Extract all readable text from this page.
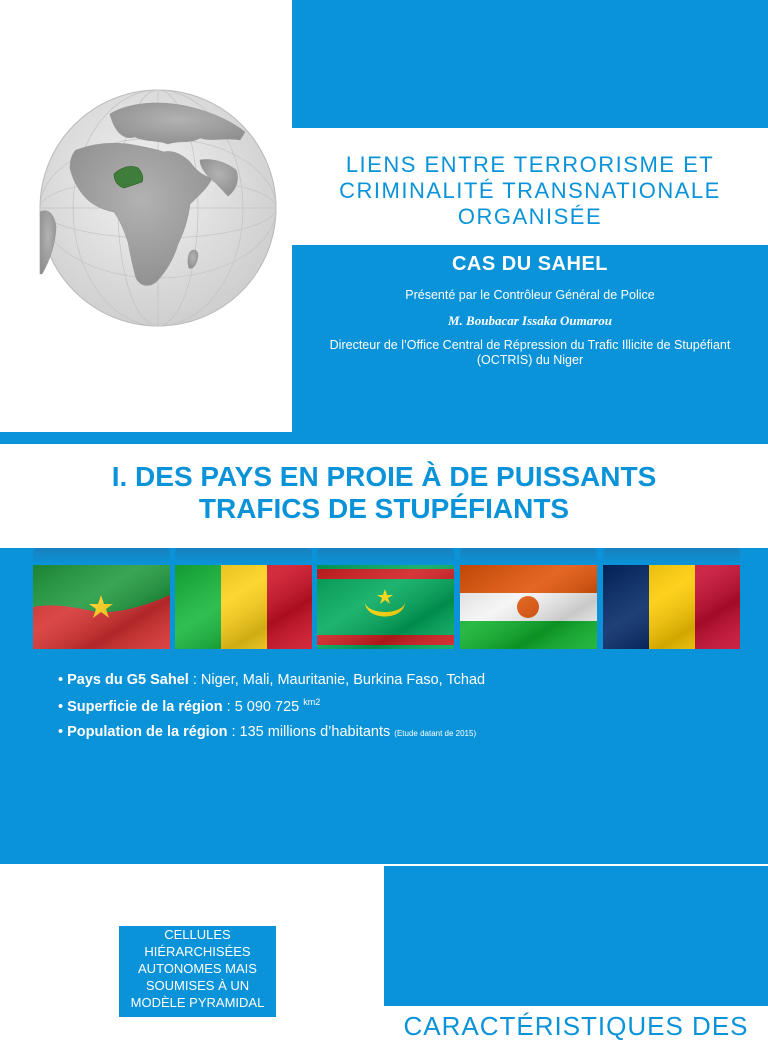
LIENS ENTRE TERRORISME ET
CRIMINALITÉ TRANSNATIONALE
ORGANISÉE
CAS DU SAHEL
Présenté par le Contrôleur Général de Police
M. Boubacar Issaka Oumarou
Directeur de l’Office Central de Répression du Trafic Illicite de Stupéfiant (OCTRIS) du Niger
I. DES PAYS EN PROIE À DE PUISSANTS
TRAFICS DE STUPÉFIANTS
• Pays du G5 Sahel : Niger, Mali, Mauritanie, Burkina Faso, Tchad
• Superficie de la région : 5 090 725 $^{km2}$
• Population de la région : 135 millions d’habitants (Etude datant de 2015)
CELLULES HIÉRARCHISÉES AUTONOMES MAIS SOUMISES À UN MODÈLE PYRAMIDAL
CARACTÉRISTIQUES DES
